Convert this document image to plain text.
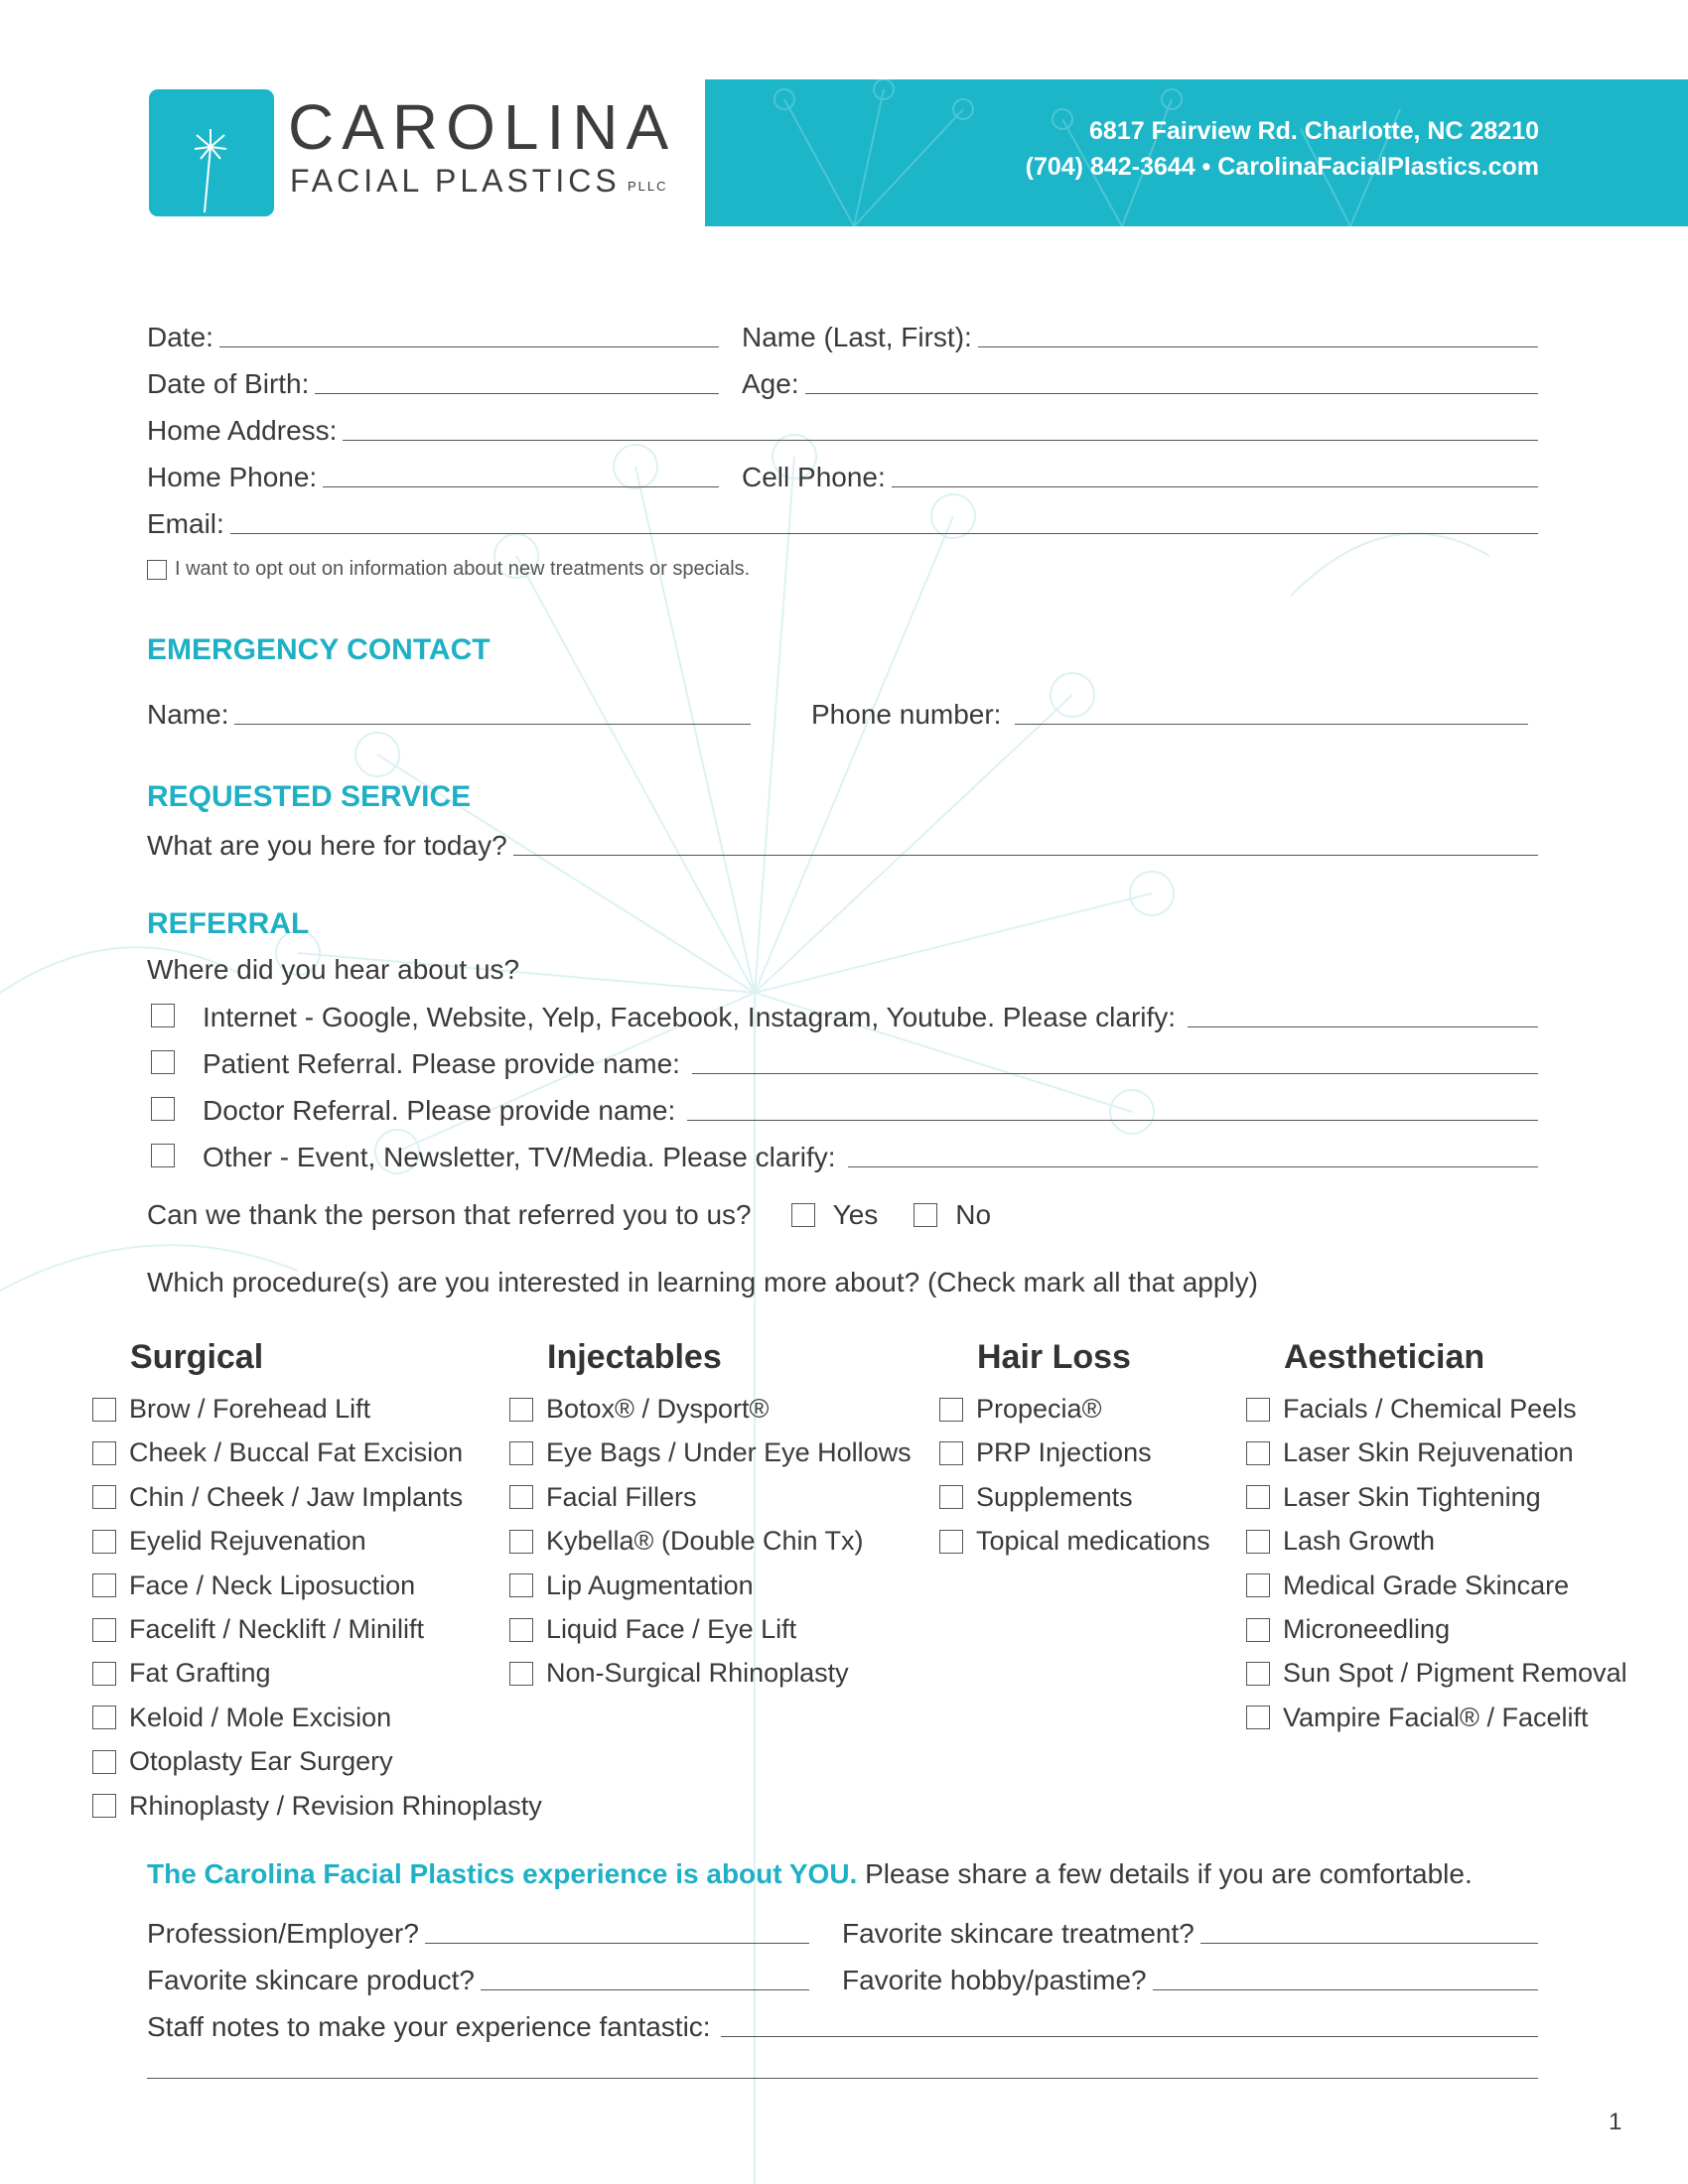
CAROLINA
FACIAL PLASTICS PLLC
6817 Fairview Rd. Charlotte, NC 28210
(704) 842-3644 • CarolinaFacialPlastics.com
Date:	Name (Last, First):
Date of Birth:	Age:
Home Address:
Home Phone:	Cell Phone:
Email:
I want to opt out on information about new treatments or specials.
EMERGENCY CONTACT
Name:	Phone number:
REQUESTED SERVICE
What are you here for today?
REFERRAL
Where did you hear about us?
Internet - Google, Website, Yelp, Facebook, Instagram, Youtube. Please clarify:
Patient Referral. Please provide name:
Doctor Referral. Please provide name:
Other - Event, Newsletter, TV/Media. Please clarify:
Can we thank the person that referred you to us?	Yes	No
Which procedure(s) are you interested in learning more about? (Check mark all that apply)
Surgical	Injectables	Hair Loss	Aesthetician
Brow / Forehead Lift
Cheek / Buccal Fat Excision
Chin / Cheek / Jaw Implants
Eyelid Rejuvenation
Face / Neck Liposuction
Facelift / Necklift / Minilift
Fat Grafting
Keloid / Mole Excision
Otoplasty Ear Surgery
Rhinoplasty / Revision Rhinoplasty
Botox® / Dysport®
Eye Bags / Under Eye Hollows
Facial Fillers
Kybella® (Double Chin Tx)
Lip Augmentation
Liquid Face / Eye Lift
Non-Surgical Rhinoplasty
Propecia®
PRP Injections
Supplements
Topical medications
Facials / Chemical Peels
Laser Skin Rejuvenation
Laser Skin Tightening
Lash Growth
Medical Grade Skincare
Microneedling
Sun Spot / Pigment Removal
Vampire Facial® / Facelift
The Carolina Facial Plastics experience is about YOU. Please share a few details if you are comfortable.
Profession/Employer?	Favorite skincare treatment?
Favorite skincare product?	Favorite hobby/pastime?
Staff notes to make your experience fantastic:
1
